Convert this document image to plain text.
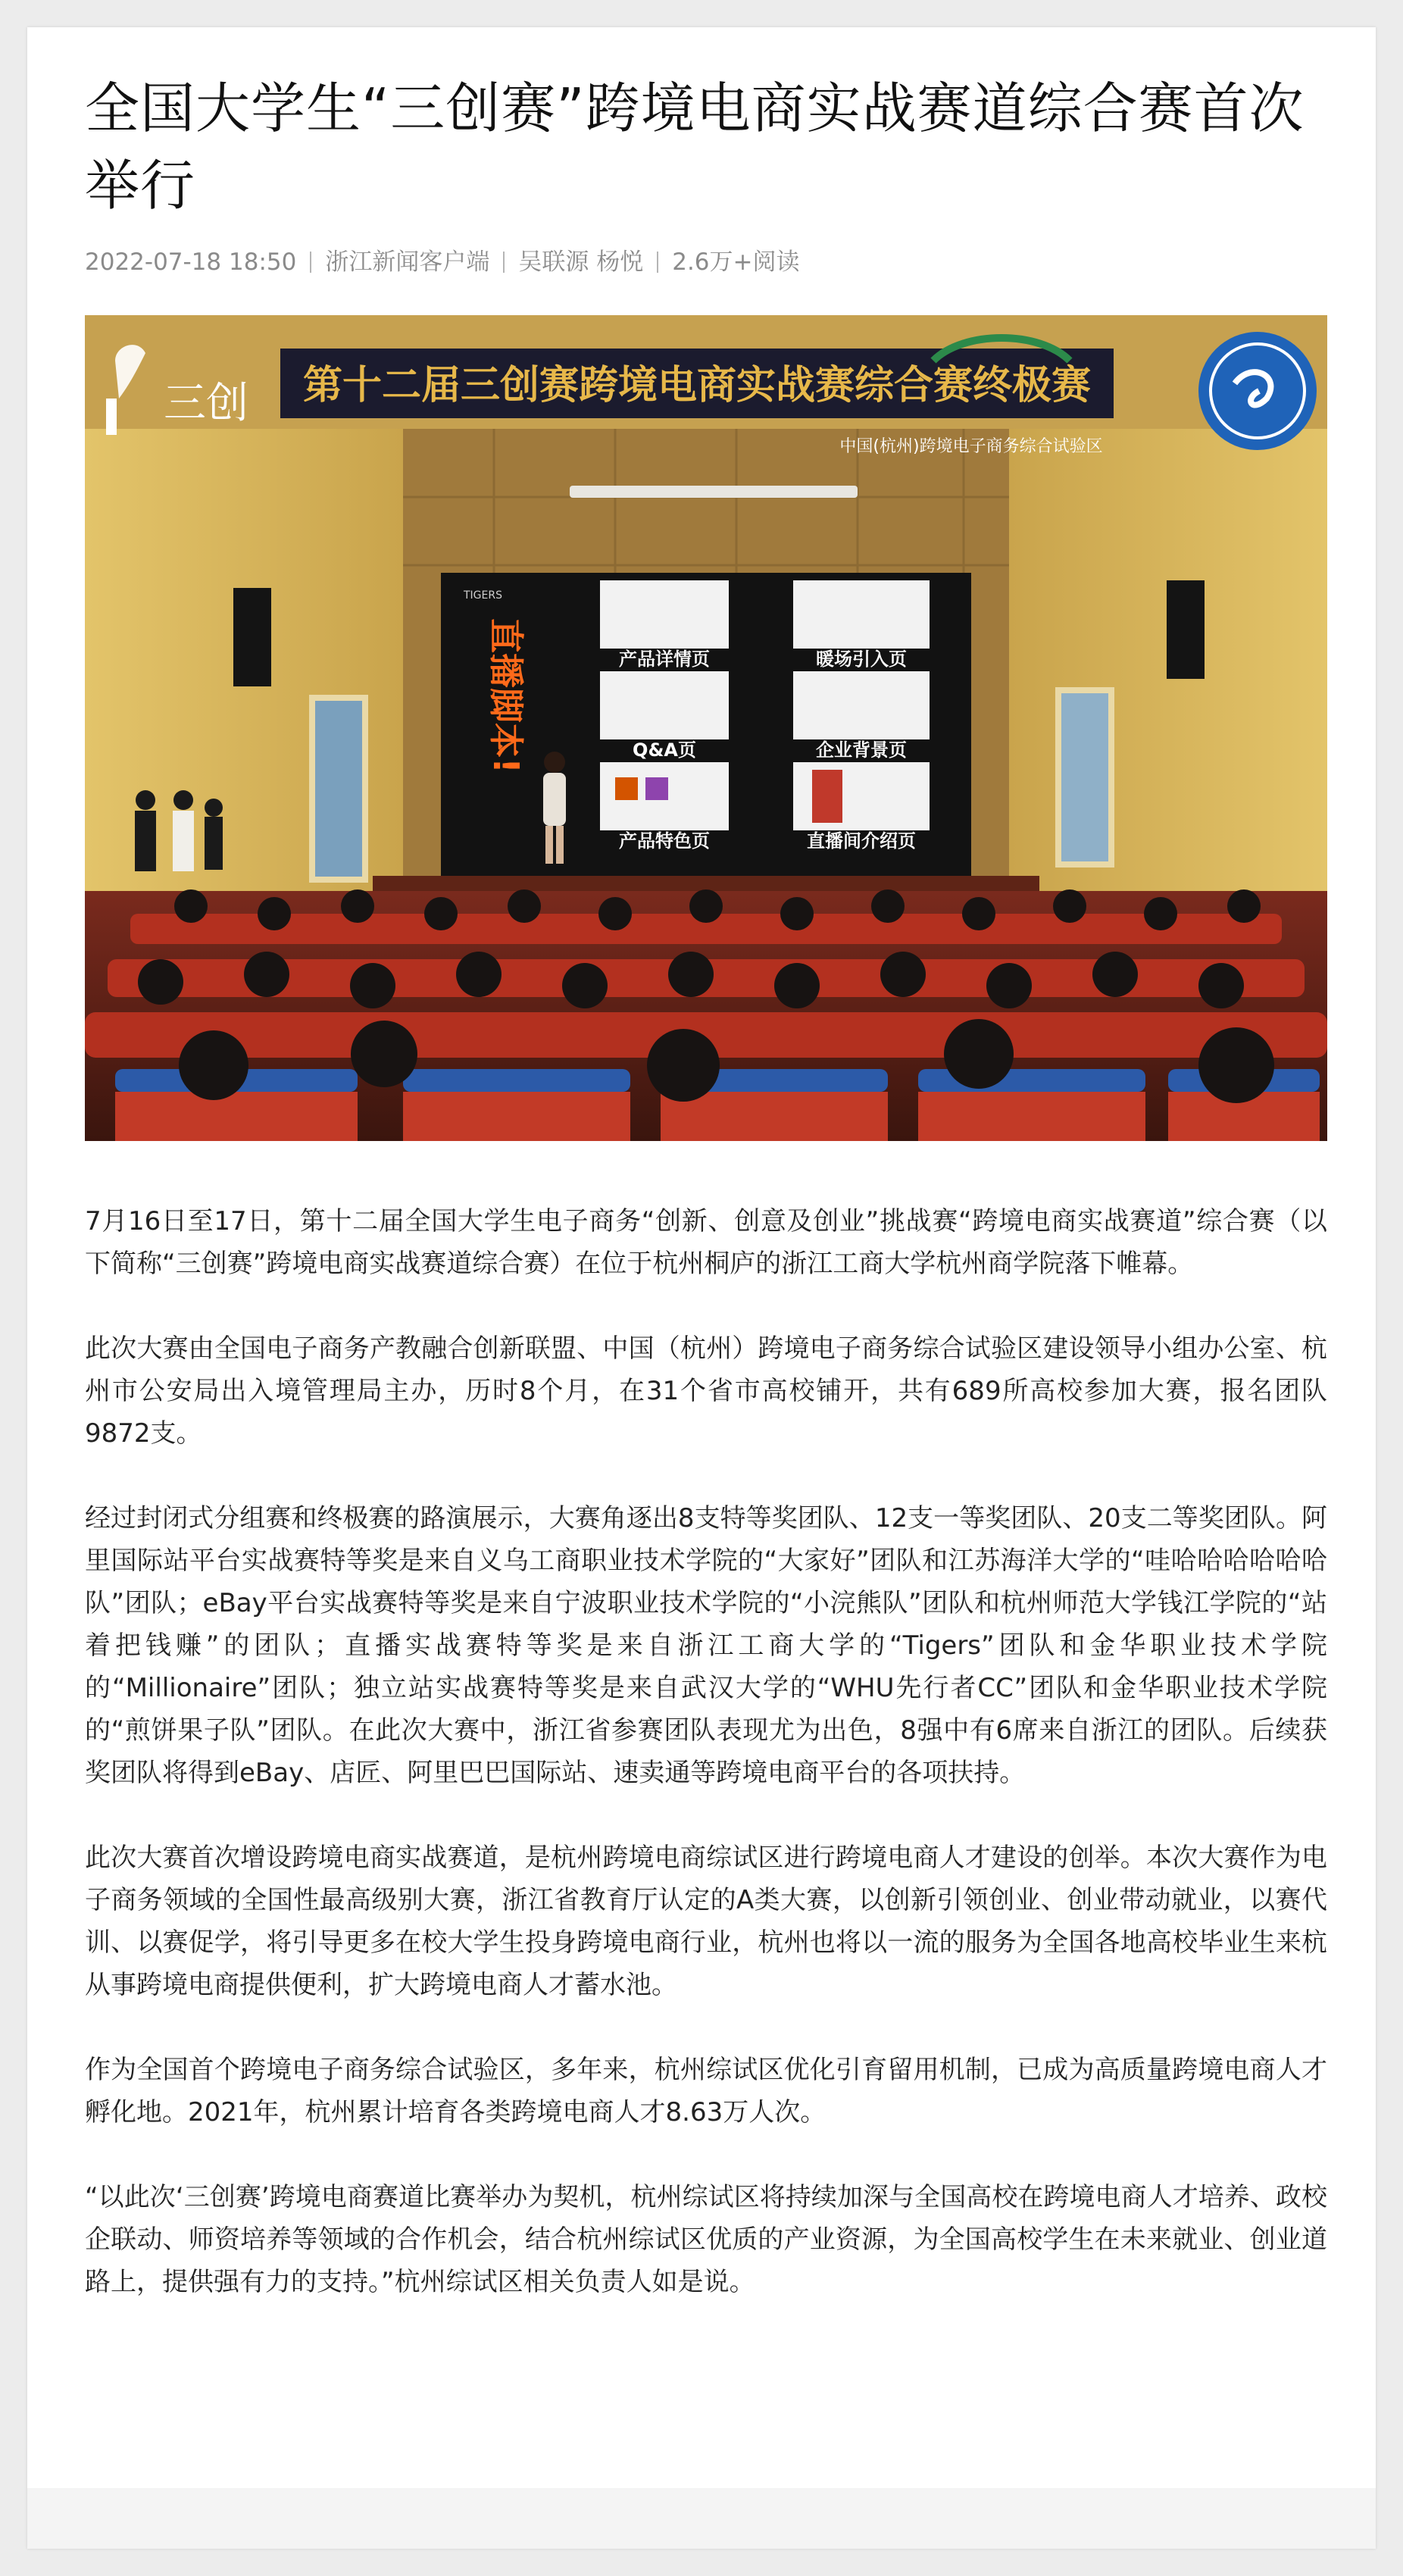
全国大学生“三创赛”跨境电商实战赛道综合赛首次举行
2022-07-18 18:50 浙江新闻客户端 吴联源 杨悦 2.6万+阅读
第十二届三创赛跨境电商实战赛综合赛终极赛
中国(杭州)跨境电子商务综合试验区
三创
TIGERS
直播脚本!	产品详情页	暖场引入页
Q&A页	企业背景页
产品特色页	直播间介绍页

7月16日至17日，第十二届全国大学生电子商务“创新、创意及创业”挑战赛“跨境电商实战赛道”综合赛（以下简称“三创赛”跨境电商实战赛道综合赛）在位于杭州桐庐的浙江工商大学杭州商学院落下帷幕。

此次大赛由全国电子商务产教融合创新联盟、中国（杭州）跨境电子商务综合试验区建设领导小组办公室、杭州市公安局出入境管理局主办，历时8个月，在31个省市高校铺开，共有689所高校参加大赛，报名团队9872支。

经过封闭式分组赛和终极赛的路演展示，大赛角逐出8支特等奖团队、12支一等奖团队、20支二等奖团队。阿里国际站平台实战赛特等奖是来自义乌工商职业技术学院的“大家好”团队和江苏海洋大学的“哇哈哈哈哈哈哈队”团队；eBay平台实战赛特等奖是来自宁波职业技术学院的“小浣熊队”团队和杭州师范大学钱江学院的“站着把钱赚”的团队；直播实战赛特等奖是来自浙江工商大学的“Tigers”团队和金华职业技术学院的“Millionaire”团队；独立站实战赛特等奖是来自武汉大学的“WHU先行者CC”团队和金华职业技术学院的“煎饼果子队”团队。在此次大赛中，浙江省参赛团队表现尤为出色，8强中有6席来自浙江的团队。后续获奖团队将得到eBay、店匠、阿里巴巴国际站、速卖通等跨境电商平台的各项扶持。

此次大赛首次增设跨境电商实战赛道，是杭州跨境电商综试区进行跨境电商人才建设的创举。本次大赛作为电子商务领域的全国性最高级别大赛，浙江省教育厅认定的A类大赛，以创新引领创业、创业带动就业，以赛代训、以赛促学，将引导更多在校大学生投身跨境电商行业，杭州也将以一流的服务为全国各地高校毕业生来杭从事跨境电商提供便利，扩大跨境电商人才蓄水池。

作为全国首个跨境电子商务综合试验区，多年来，杭州综试区优化引育留用机制，已成为高质量跨境电商人才孵化地。2021年，杭州累计培育各类跨境电商人才8.63万人次。

“以此次‘三创赛’跨境电商赛道比赛举办为契机，杭州综试区将持续加深与全国高校在跨境电商人才培养、政校企联动、师资培养等领域的合作机会，结合杭州综试区优质的产业资源，为全国高校学生在未来就业、创业道路上，提供强有力的支持。”杭州综试区相关负责人如是说。
